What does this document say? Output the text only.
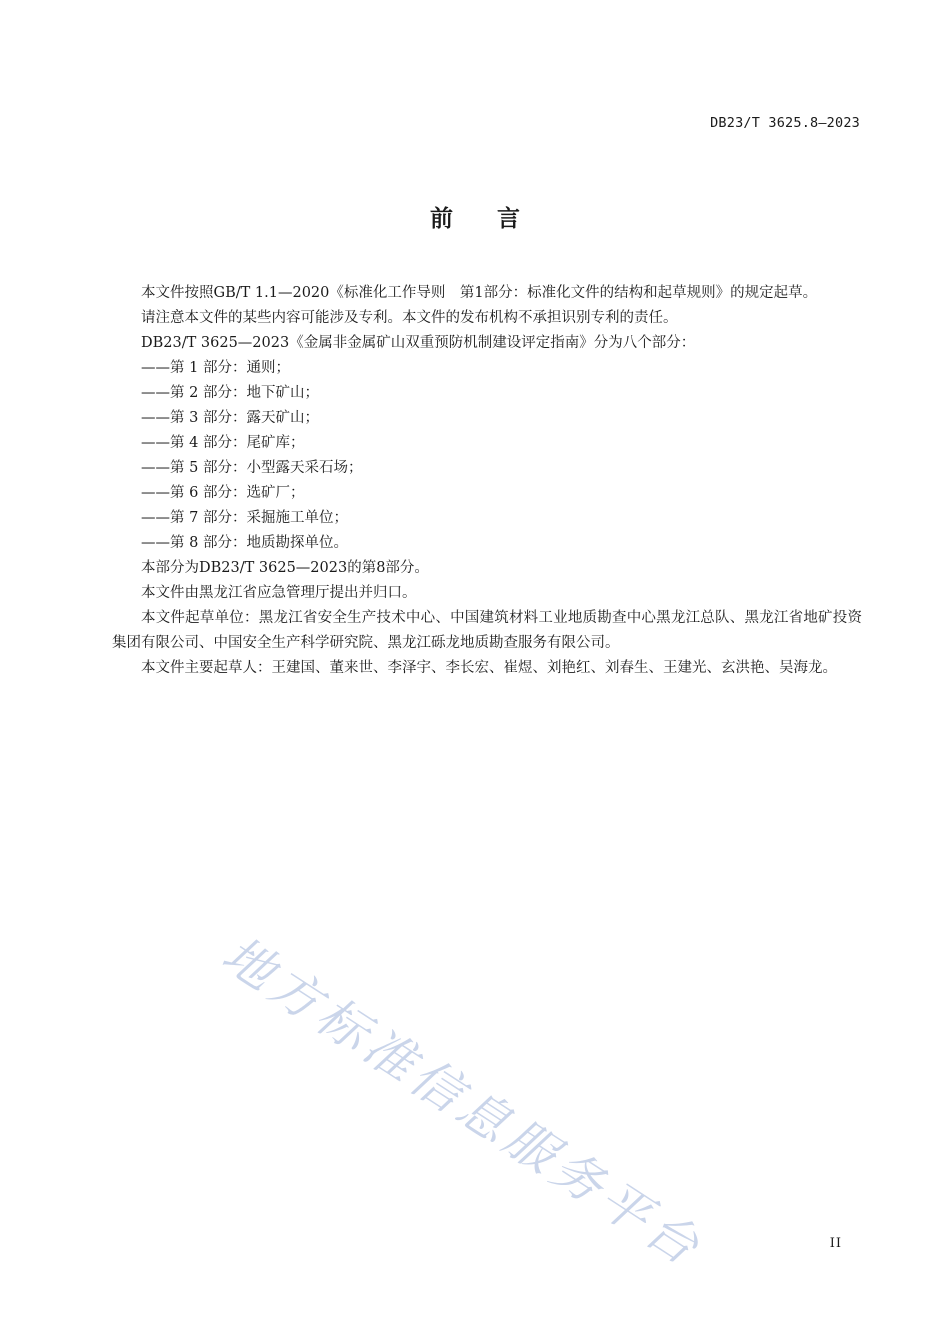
DB23/T 3625.8—2023
前言

本文件按照GB/T 1.1—2020《标准化工作导则　第1部分：标准化文件的结构和起草规则》的规定起草。

请注意本文件的某些内容可能涉及专利。本文件的发布机构不承担识别专利的责任。

DB23/T 3625—2023《金属非金属矿山双重预防机制建设评定指南》分为八个部分：

——第 1 部分：通则；

——第 2 部分：地下矿山；

——第 3 部分：露天矿山；

——第 4 部分：尾矿库；

——第 5 部分：小型露天采石场；

——第 6 部分：选矿厂；

——第 7 部分：采掘施工单位；

——第 8 部分：地质勘探单位。

本部分为DB23/T 3625—2023的第8部分。

本文件由黑龙江省应急管理厅提出并归口。

本文件起草单位：黑龙江省安全生产技术中心、中国建筑材料工业地质勘查中心黑龙江总队、黑龙江省地矿投资集团有限公司、中国安全生产科学研究院、黑龙江砾龙地质勘查服务有限公司。

本文件主要起草人：王建国、董来世、李泽宇、李长宏、崔煜、刘艳红、刘春生、王建光、玄洪艳、吴海龙。

地方标准信息服务平台	II
